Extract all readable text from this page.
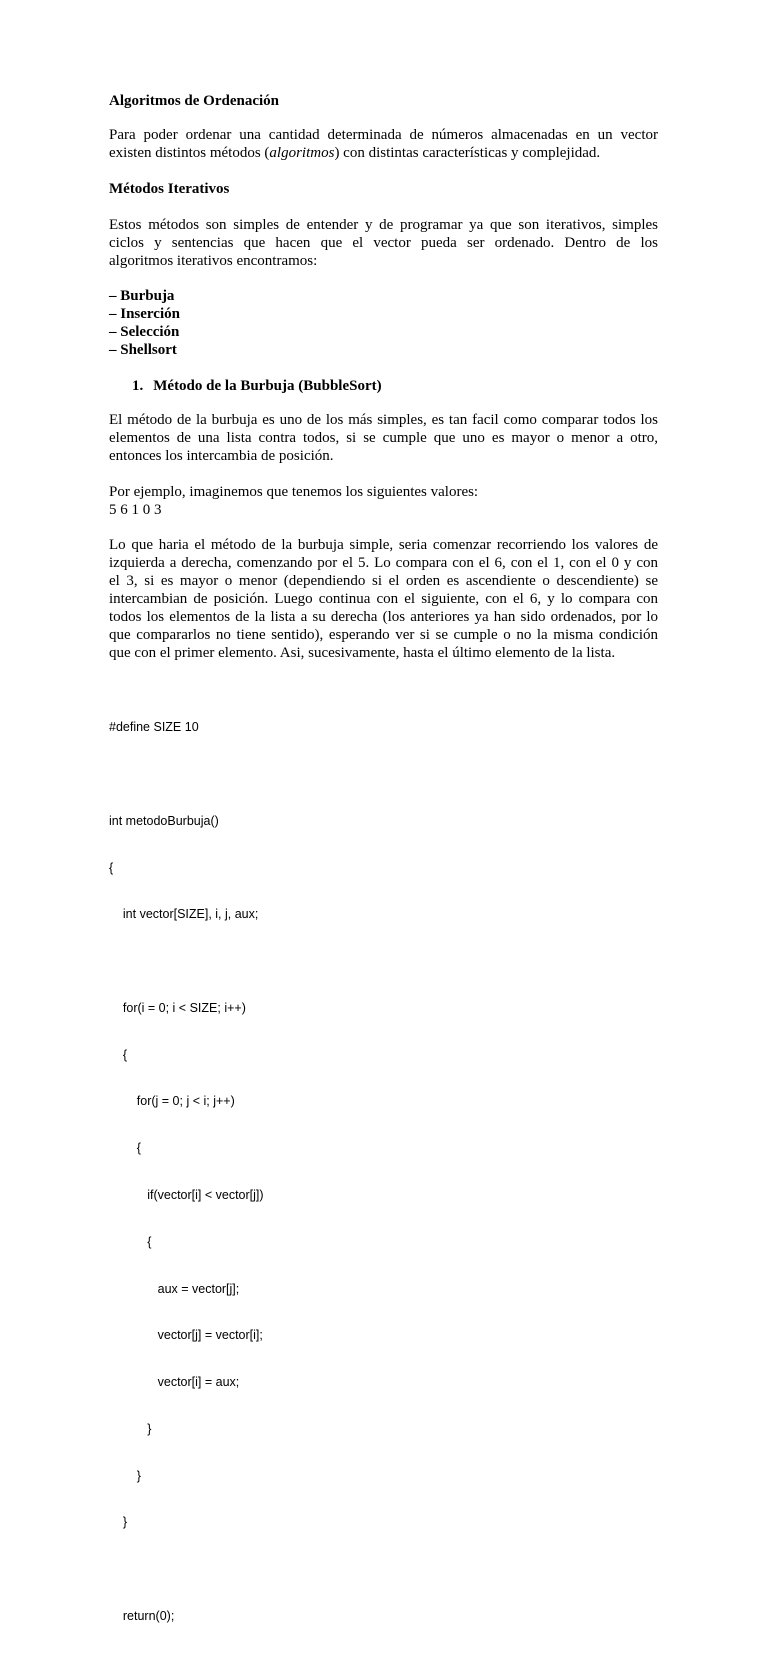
Algoritmos de Ordenación
Para poder ordenar una cantidad determinada de números almacenadas en un vector
existen distintos métodos (algoritmos) con distintas características y complejidad.
Métodos Iterativos
Estos métodos son simples de entender y de programar ya que son iterativos, simples
ciclos y sentencias que hacen que el vector pueda ser ordenado. Dentro de los
algoritmos iterativos encontramos:
– Burbuja
– Inserción
– Selección
– Shellsort
1. Método de la Burbuja (BubbleSort)
El método de la burbuja es uno de los más simples, es tan facil como comparar todos los
elementos de una lista contra todos, si se cumple que uno es mayor o menor a otro,
entonces los intercambia de posición.
Por ejemplo, imaginemos que tenemos los siguientes valores:
5 6 1 0 3
Lo que haria el método de la burbuja simple, seria comenzar recorriendo los valores de
izquierda a derecha, comenzando por el 5. Lo compara con el 6, con el 1, con el 0 y con
el 3, si es mayor o menor (dependiendo si el orden es ascendiente o descendiente) se
intercambian de posición. Luego continua con el siguiente, con el 6, y lo compara con
todos los elementos de la lista a su derecha (los anteriores ya han sido ordenados, por lo
que compararlos no tiene sentido), esperando ver si se cumple o no la misma condición
que con el primer elemento. Asi, sucesivamente, hasta el último elemento de la lista.

#define SIZE 10

int metodoBurbuja()

{

int vector[SIZE], i, j, aux;

for(i = 0; i < SIZE; i++)

{

for(j = 0; j < i; j++)

{

if(vector[i] < vector[j])

{

aux = vector[j];

vector[j] = vector[i];

vector[i] = aux;

}

}

}

return(0);
